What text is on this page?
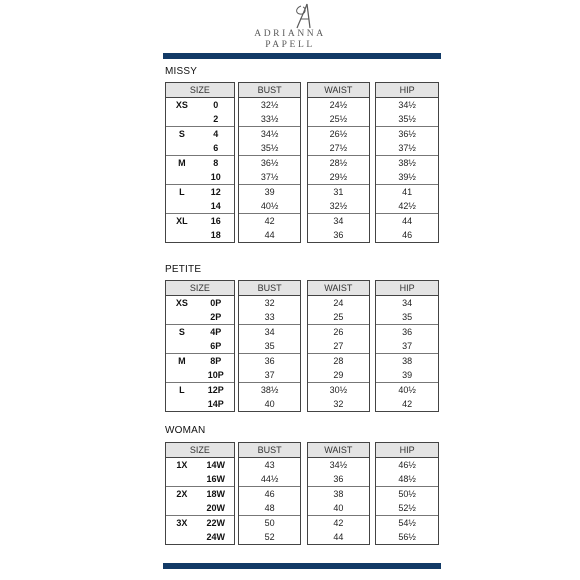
ADRIANNA
PAPELL
MISSY
SIZE			BUST		WAIST		HIP
XS	0		32½		24½		34½
	2		33½		25½		35½
S	4		34½		26½		36½
	6		35½		27½		37½
M	8		36½		28½		38½
	10		37½		29½		39½
L	12		39		31		41
	14		40½		32½		42½
XL	16		42		34		44
	18		44		36		46
PETITE
SIZE			BUST		WAIST		HIP
XS	0P		32		24		34
	2P		33		25		35
S	4P		34		26		36
	6P		35		27		37
M	8P		36		28		38
	10P		37		29		39
L	12P		38½		30½		40½
	14P		40		32		42
WOMAN
SIZE			BUST		WAIST		HIP
1X	14W		43		34½		46½
	16W		44½		36		48½
2X	18W		46		38		50½
	20W		48		40		52½
3X	22W		50		42		54½
	24W		52		44		56½
